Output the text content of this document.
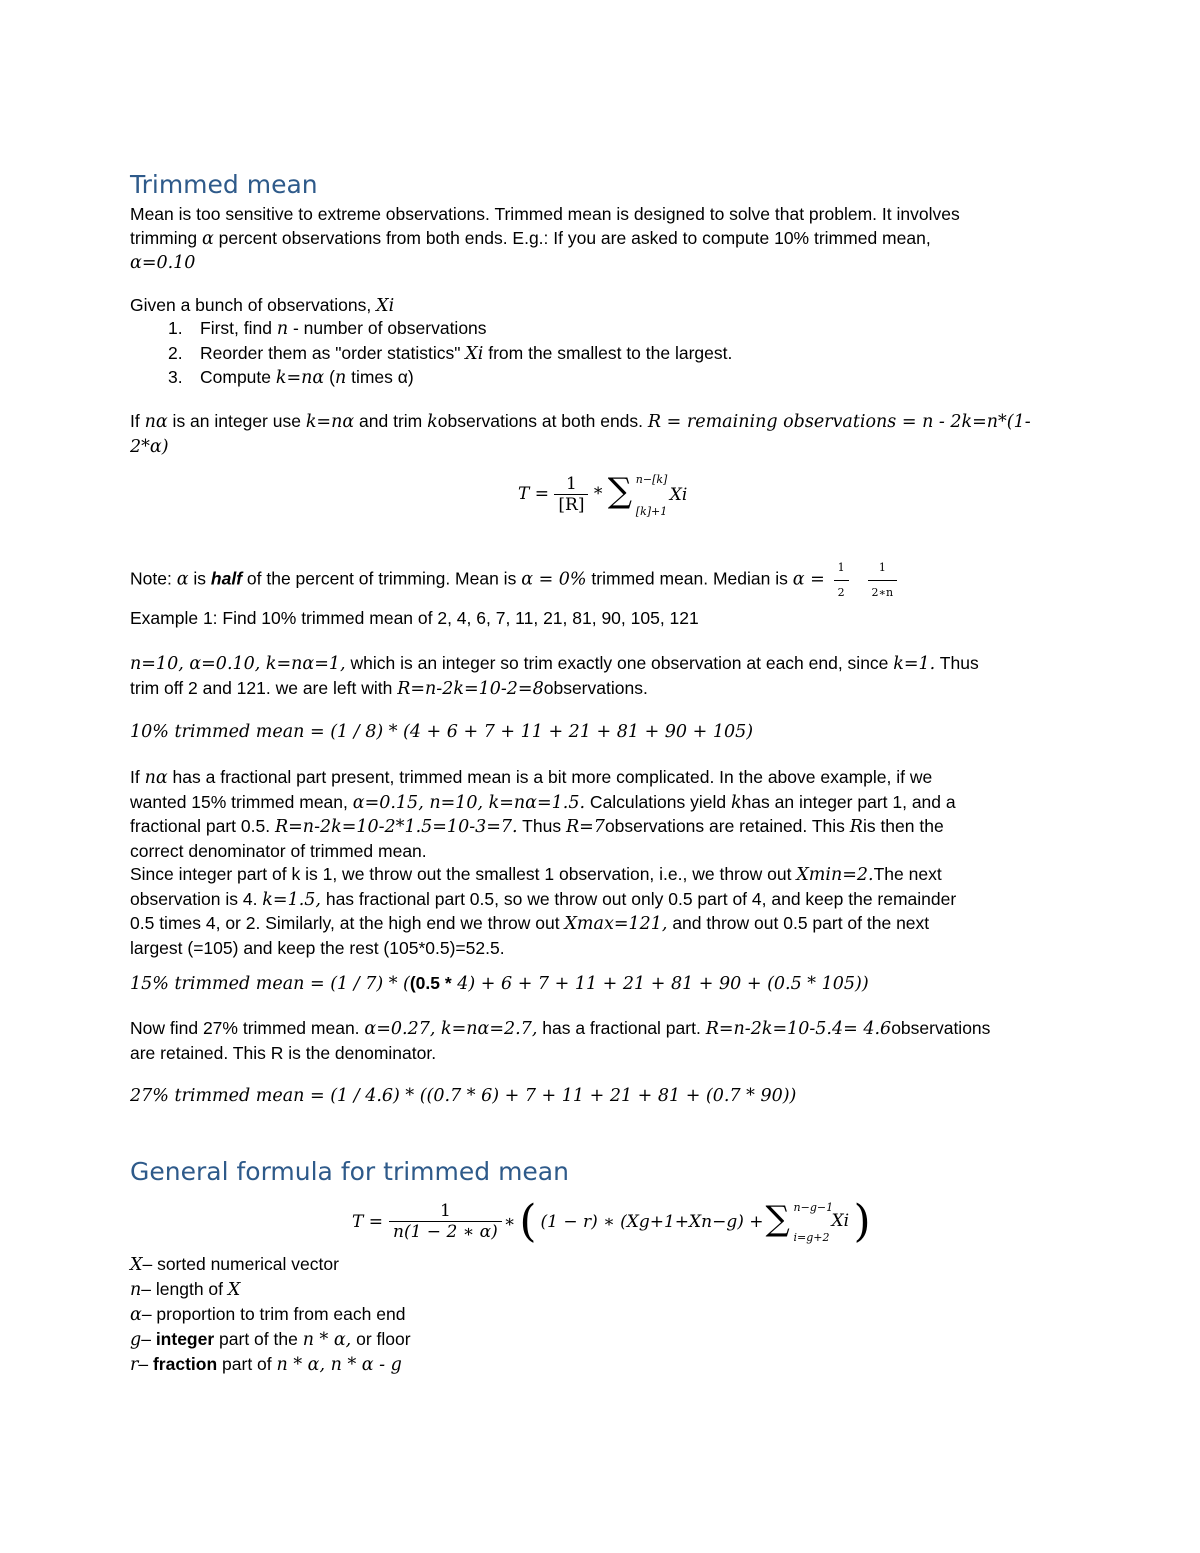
Trimmed mean

Mean is too sensitive to extreme observations. Trimmed mean is designed to solve that problem. It involves
trimming α percent observations from both ends. E.g.: If you are asked to compute 10% trimmed mean,
α=0.10

Given a bunch of observations, Xi

1. First, find n - number of observations
2. Reorder them as "order statistics" Xi from the smallest to the largest.
3. Compute k=nα (n times α)

If nα is an integer use k=nα and trim kobservations at both ends. R = remaining observations = n - 2k=n*(1-
2*α)

$T = \frac{1}{[R]}$ * ∑ n−[k]
[k]+1
Xi

Note: α is half of the percent of trimming. Mean is α = 0% trimmed mean. Median is $\alpha = \frac{1}{2}$
$\frac{1}{2∗n}$

Example 1: Find 10% trimmed mean of 2, 4, 6, 7, 11, 21, 81, 90, 105, 121

n=10, α=0.10, k=nα=1, which is an integer so trim exactly one observation at each end, since k=1. Thus
trim off 2 and 121. we are left with R=n-2k=10-2=8observations.

10% trimmed mean = (1 / 8) * (4 + 6 + 7 + 11 + 21 + 81 + 90 + 105)

If nα has a fractional part present, trimmed mean is a bit more complicated. In the above example, if we
wanted 15% trimmed mean, α=0.15, n=10, k=nα=1.5. Calculations yield khas an integer part 1, and a
fractional part 0.5. R=n-2k=10-2*1.5=10-3=7. Thus R=7observations are retained. This Ris then the
correct denominator of trimmed mean.
Since integer part of k is 1, we throw out the smallest 1 observation, i.e., we throw out Xmin=2.The next
observation is 4. k=1.5, has fractional part 0.5, so we throw out only 0.5 part of 4, and keep the remainder
0.5 times 4, or 2. Similarly, at the high end we throw out Xmax=121, and throw out 0.5 part of the next
largest (=105) and keep the rest (105*0.5)=52.5.

15% trimmed mean = (1 / 7) * ((0.5 * 4) + 6 + 7 + 11 + 21 + 81 + 90 + (0.5 * 105))

Now find 27% trimmed mean. α=0.27, k=nα=2.7, has a fractional part. R=n-2k=10-5.4= 4.6observations
are retained. This R is the denominator.

27% trimmed mean = (1 / 4.6) * ((0.7 * 6) + 7 + 11 + 21 + 81 + (0.7 * 90))

General formula for trimmed mean
$T = \frac{1}{n(1 - 2 ∗ \alpha)}$ ∗ ( (1 − r) ∗ ( Xg+1 + Xn−g ) + ∑ n−g−1
i=g+2
Xi )
X– sorted numerical vector
n– length of X
α– proportion to trim from each end
g– integer part of the n * α, or floor
r– fraction part of n * α, n * α - g
